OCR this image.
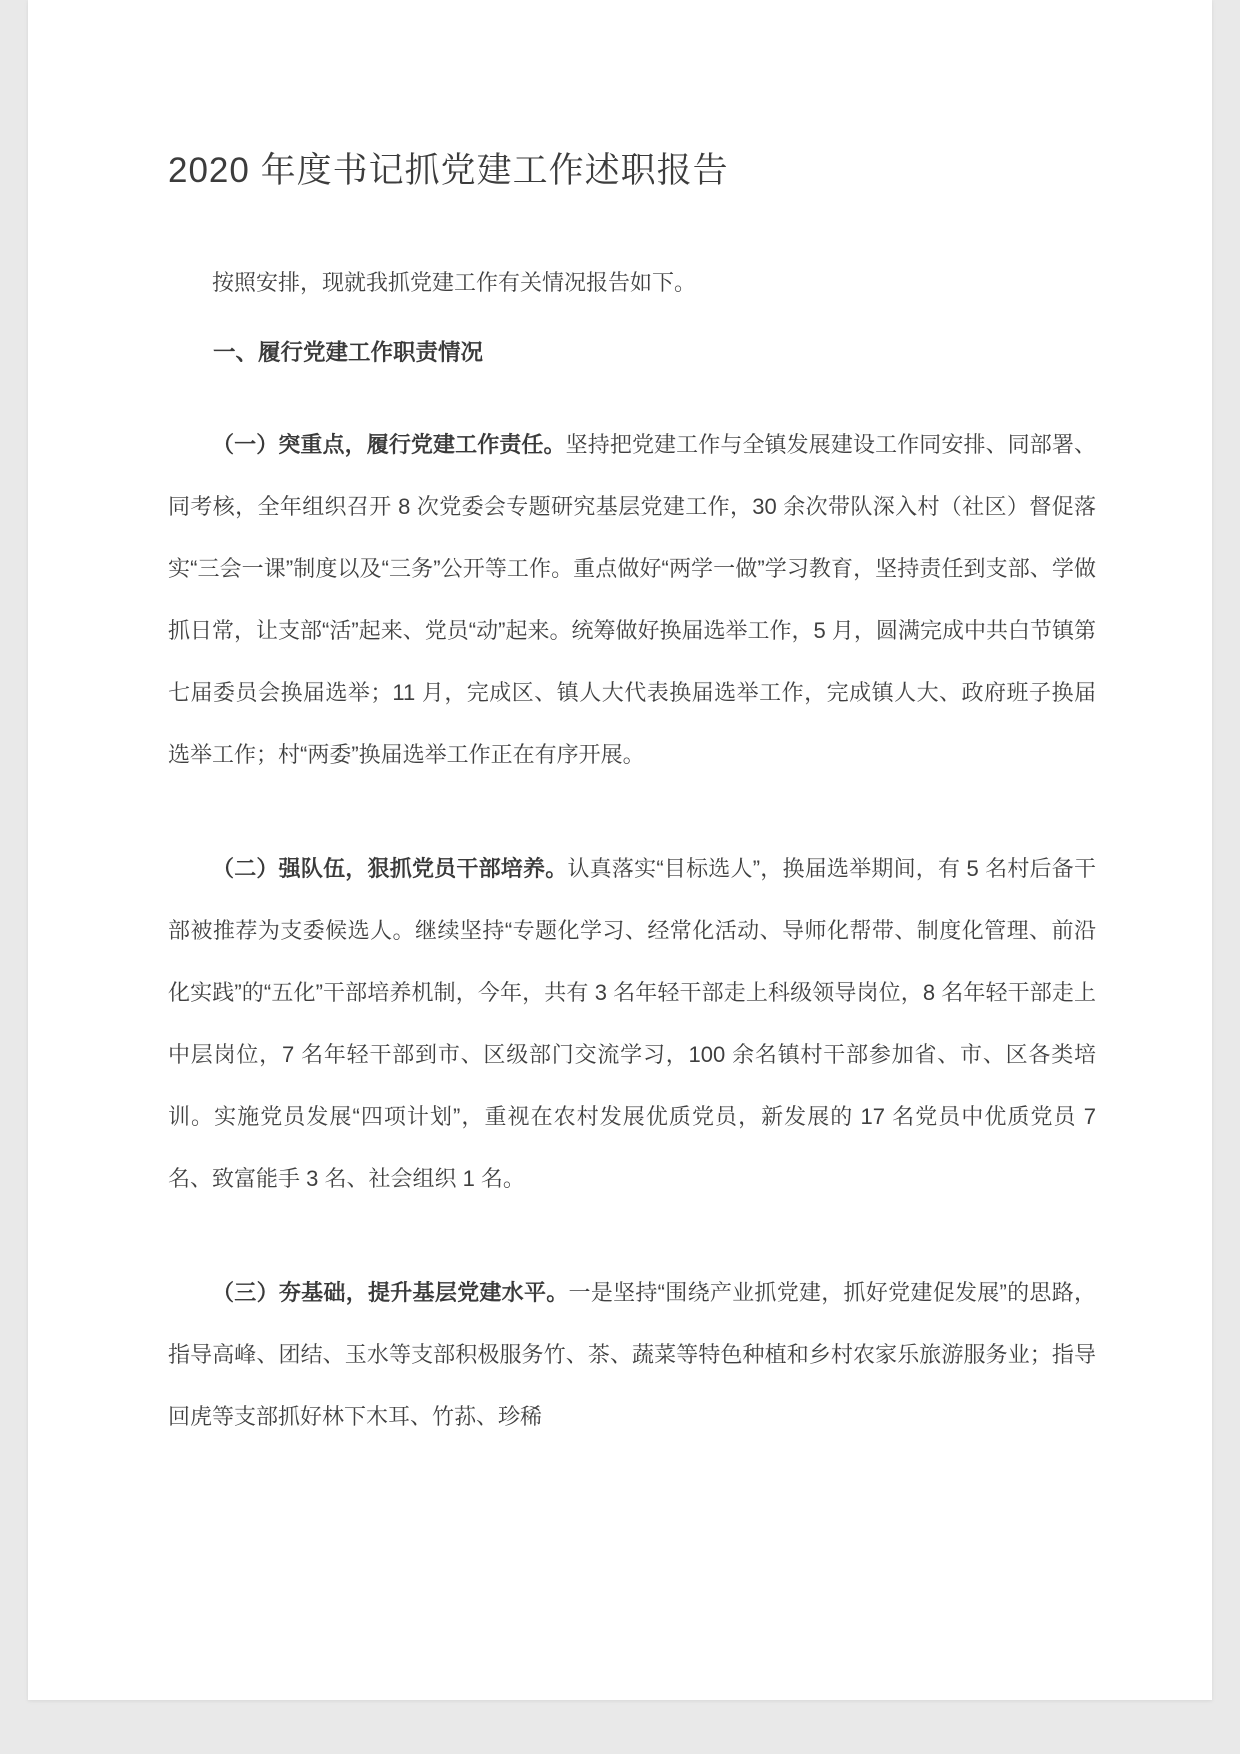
2020 年度书记抓党建工作述职报告

按照安排，现就我抓党建工作有关情况报告如下。

一、履行党建工作职责情况

（一）突重点，履行党建工作责任。坚持把党建工作与全镇发展建设工作同安排、同部署、同考核，全年组织召开 8 次党委会专题研究基层党建工作，30 余次带队深入村（社区）督促落实“三会一课”制度以及“三务”公开等工作。重点做好“两学一做”学习教育，坚持责任到支部、学做抓日常，让支部“活”起来、党员“动”起来。统筹做好换届选举工作，5 月，圆满完成中共白节镇第七届委员会换届选举；11 月，完成区、镇人大代表换届选举工作，完成镇人大、政府班子换届选举工作；村“两委”换届选举工作正在有序开展。

（二）强队伍，狠抓党员干部培养。认真落实“目标选人”，换届选举期间，有 5 名村后备干部被推荐为支委候选人。继续坚持“专题化学习、经常化活动、导师化帮带、制度化管理、前沿化实践”的“五化”干部培养机制，今年，共有 3 名年轻干部走上科级领导岗位，8 名年轻干部走上中层岗位，7 名年轻干部到市、区级部门交流学习，100 余名镇村干部参加省、市、区各类培训。实施党员发展“四项计划”，重视在农村发展优质党员，新发展的 17 名党员中优质党员 7 名、致富能手 3 名、社会组织 1 名。

（三）夯基础，提升基层党建水平。一是坚持“围绕产业抓党建，抓好党建促发展”的思路，指导高峰、团结、玉水等支部积极服务竹、茶、蔬菜等特色种植和乡村农家乐旅游服务业；指导回虎等支部抓好林下木耳、竹荪、珍稀
